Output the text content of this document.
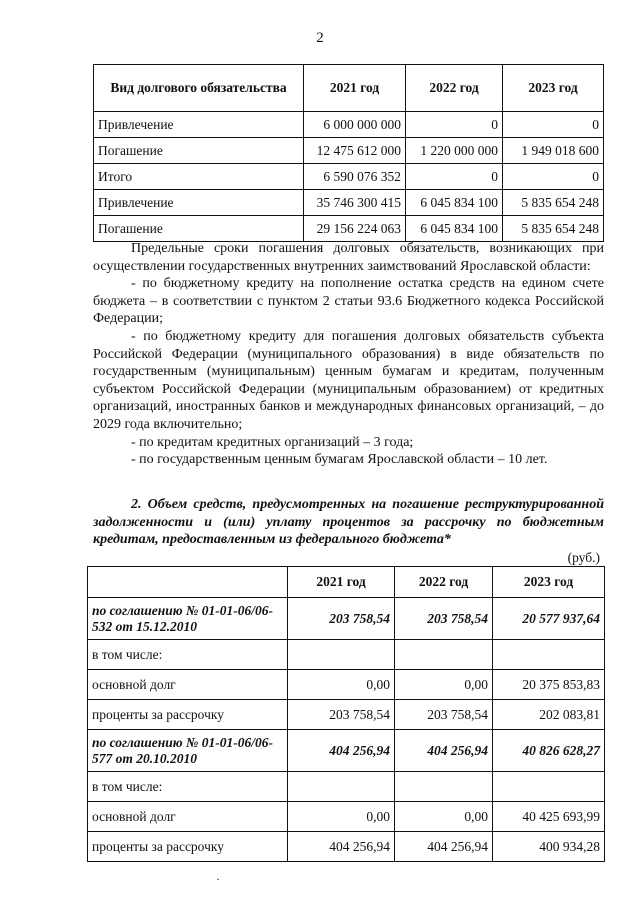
2
Вид долгового обязательства	2021 год	2022 год	2023 год
Привлечение	6 000 000 000	0	0
Погашение	12 475 612 000	1 220 000 000	1 949 018 600
Итого	6 590 076 352	0	0
Привлечение	35 746 300 415	6 045 834 100	5 835 654 248
Погашение	29 156 224 063	6 045 834 100	5 835 654 248

Предельные сроки погашения долговых обязательств, возникающих при осуществлении государственных внутренних заимствований Ярославской области:

- по бюджетному кредиту на пополнение остатка средств на едином счете бюджета – в соответствии с пунктом 2 статьи 93.6 Бюджетного кодекса Российской Федерации;

- по бюджетному кредиту для погашения долговых обязательств субъекта Российской Федерации (муниципального образования) в виде обязательств по государственным (муниципальным) ценным бумагам и кредитам, полученным субъектом Российской Федерации (муниципальным образованием) от кредитных организаций, иностранных банков и международных финансовых организаций, – до 2029 года включительно;

- по кредитам кредитных организаций – 3 года;

- по государственным ценным бумагам Ярославской области – 10 лет.

2. Объем средств, предусмотренных на погашение реструктурированной задолженности и (или) уплату процентов за рассрочку по бюджетным кредитам, предоставленным из федерального бюджета*

(руб.)
	2021 год	2022 год	2023 год
по соглашению № 01-01-06/06-532 от 15.12.2010	203 758,54	203 758,54	20 577 937,64
в том числе:			
основной долг	0,00	0,00	20 375 853,83
проценты за рассрочку	203 758,54	203 758,54	202 083,81
по соглашению № 01-01-06/06-577 от 20.10.2010	404 256,94	404 256,94	40 826 628,27
в том числе:			
основной долг	0,00	0,00	40 425 693,99
проценты за рассрочку	404 256,94	404 256,94	400 934,28
·
